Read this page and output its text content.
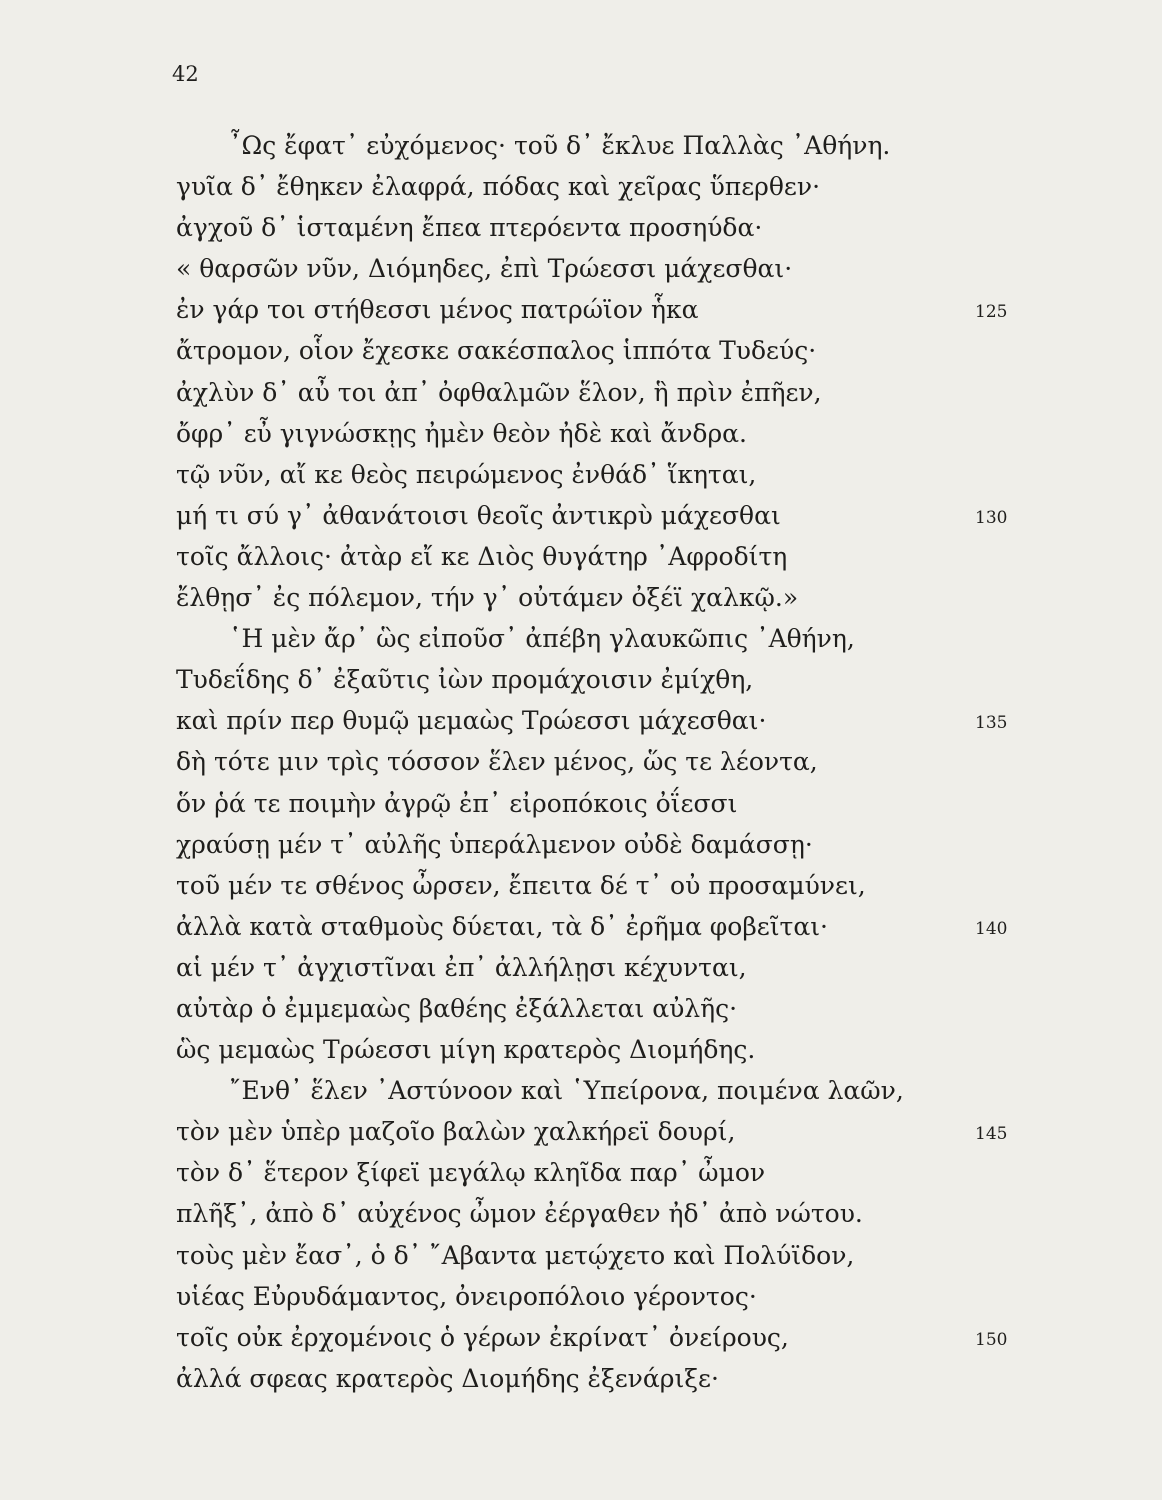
42
῏Ως ἔφατ᾽ εὐχόμενος· τοῦ δ᾽ ἔκλυε Παλλὰς ᾿Αθήνη.
γυῖα δ᾽ ἔθηκεν ἐλαφρά, πόδας καὶ χεῖρας ὕπερθεν·
ἀγχοῦ δ᾽ ἱσταμένη ἔπεα πτερόεντα προσηύδα·
« θαρσῶν νῦν, Διόμηδες, ἐπὶ Τρώεσσι μάχεσθαι·
ἐν γάρ τοι στήθεσσι μένος πατρώϊον ἧκα	125
ἄτρομον, οἷον ἔχεσκε σακέσπαλος ἱππότα Τυδεύς·
ἀχλὺν δ᾽ αὖ τοι ἀπ᾽ ὀφθαλμῶν ἕλον, ἣ πρὶν ἐπῆεν,
ὄφρ᾽ εὖ γιγνώσκῃς ἠμὲν θεὸν ἠδὲ καὶ ἄνδρα.
τῷ νῦν, αἴ κε θεὸς πειρώμενος ἐνθάδ᾽ ἵκηται,
μή τι σύ γ᾽ ἀθανάτοισι θεοῖς ἀντικρὺ μάχεσθαι	130
τοῖς ἄλλοις· ἀτὰρ εἴ κε Διὸς θυγάτηρ ᾿Αφροδίτη
ἔλθῃσ᾽ ἐς πόλεμον, τήν γ᾽ οὐτάμεν ὀξέϊ χαλκῷ.»
῾Η μὲν ἄρ᾽ ὣς εἰποῦσ᾽ ἀπέβη γλαυκῶπις ᾿Αθήνη,
Τυδεΐδης δ᾽ ἐξαῦτις ἰὼν προμάχοισιν ἐμίχθη,
καὶ πρίν περ θυμῷ μεμαὼς Τρώεσσι μάχεσθαι·	135
δὴ τότε μιν τρὶς τόσσον ἕλεν μένος, ὥς τε λέοντα,
ὅν ῥά τε ποιμὴν ἀγρῷ ἐπ᾽ εἰροπόκοις ὀΐεσσι
χραύσῃ μέν τ᾽ αὐλῆς ὑπεράλμενον οὐδὲ δαμάσσῃ·
τοῦ μέν τε σθένος ὦρσεν, ἔπειτα δέ τ᾽ οὐ προσαμύνει,
ἀλλὰ κατὰ σταθμοὺς δύεται, τὰ δ᾽ ἐρῆμα φοβεῖται·	140
αἱ μέν τ᾽ ἀγχιστῖναι ἐπ᾽ ἀλλήλῃσι κέχυνται,
αὐτὰρ ὁ ἐμμεμαὼς βαθέης ἐξάλλεται αὐλῆς·
ὣς μεμαὼς Τρώεσσι μίγη κρατερὸς Διομήδης.
῎Ενθ᾽ ἕλεν ᾿Αστύνοον καὶ ῾Υπείρονα, ποιμένα λαῶν,
τὸν μὲν ὑπὲρ μαζοῖο βαλὼν χαλκήρεϊ δουρί,	145
τὸν δ᾽ ἕτερον ξίφεϊ μεγάλῳ κληῖδα παρ᾽ ὦμον
πλῆξ᾽, ἀπὸ δ᾽ αὐχένος ὦμον ἐέργαθεν ἠδ᾽ ἀπὸ νώτου.
τοὺς μὲν ἔασ᾽, ὁ δ᾽ ῎Αβαντα μετῴχετο καὶ Πολύϊδον,
υἱέας Εὐρυδάμαντος, ὀνειροπόλοιο γέροντος·
τοῖς οὐκ ἐρχομένοις ὁ γέρων ἐκρίνατ᾽ ὀνείρους,	150
ἀλλά σφεας κρατερὸς Διομήδης ἐξενάριξε·
